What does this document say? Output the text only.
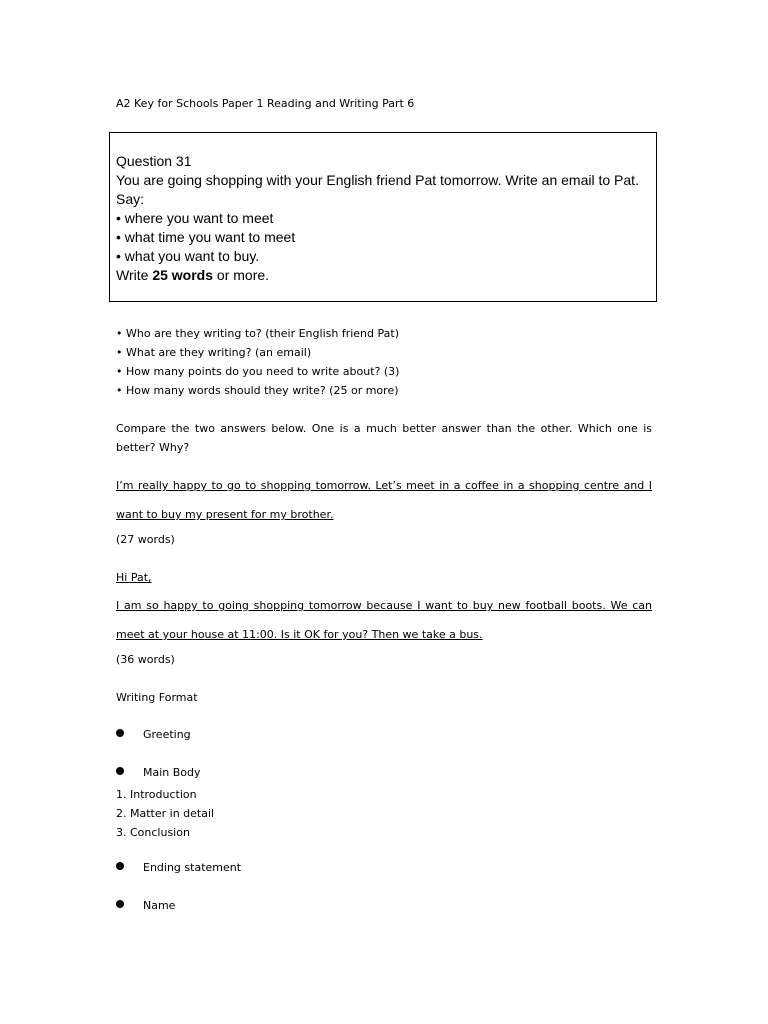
A2 Key for Schools Paper 1 Reading and Writing Part 6

Question 31

You are going shopping with your English friend Pat tomorrow. Write an email to Pat.

Say:

• where you want to meet
• what time you want to meet
• what you want to buy.

Write 25 words or more.

• Who are they writing to? (their English friend Pat)
• What are they writing? (an email)
• How many points do you need to write about? (3)
• How many words should they write? (25 or more)

Compare the two answers below. One is a much better answer than the other. Which one is better? Why?

I’m really happy to go to shopping tomorrow. Let’s meet in a coffee in a shopping centre and I want to buy my present for my brother.

(27 words)

Hi Pat,

I am so happy to going shopping tomorrow because I want to buy new football boots. We can meet at your house at 11:00. Is it OK for you? Then we take a bus.

(36 words)

Writing Format

Greeting

Main Body

1. Introduction
2. Matter in detail
3. Conclusion

Ending statement

Name
